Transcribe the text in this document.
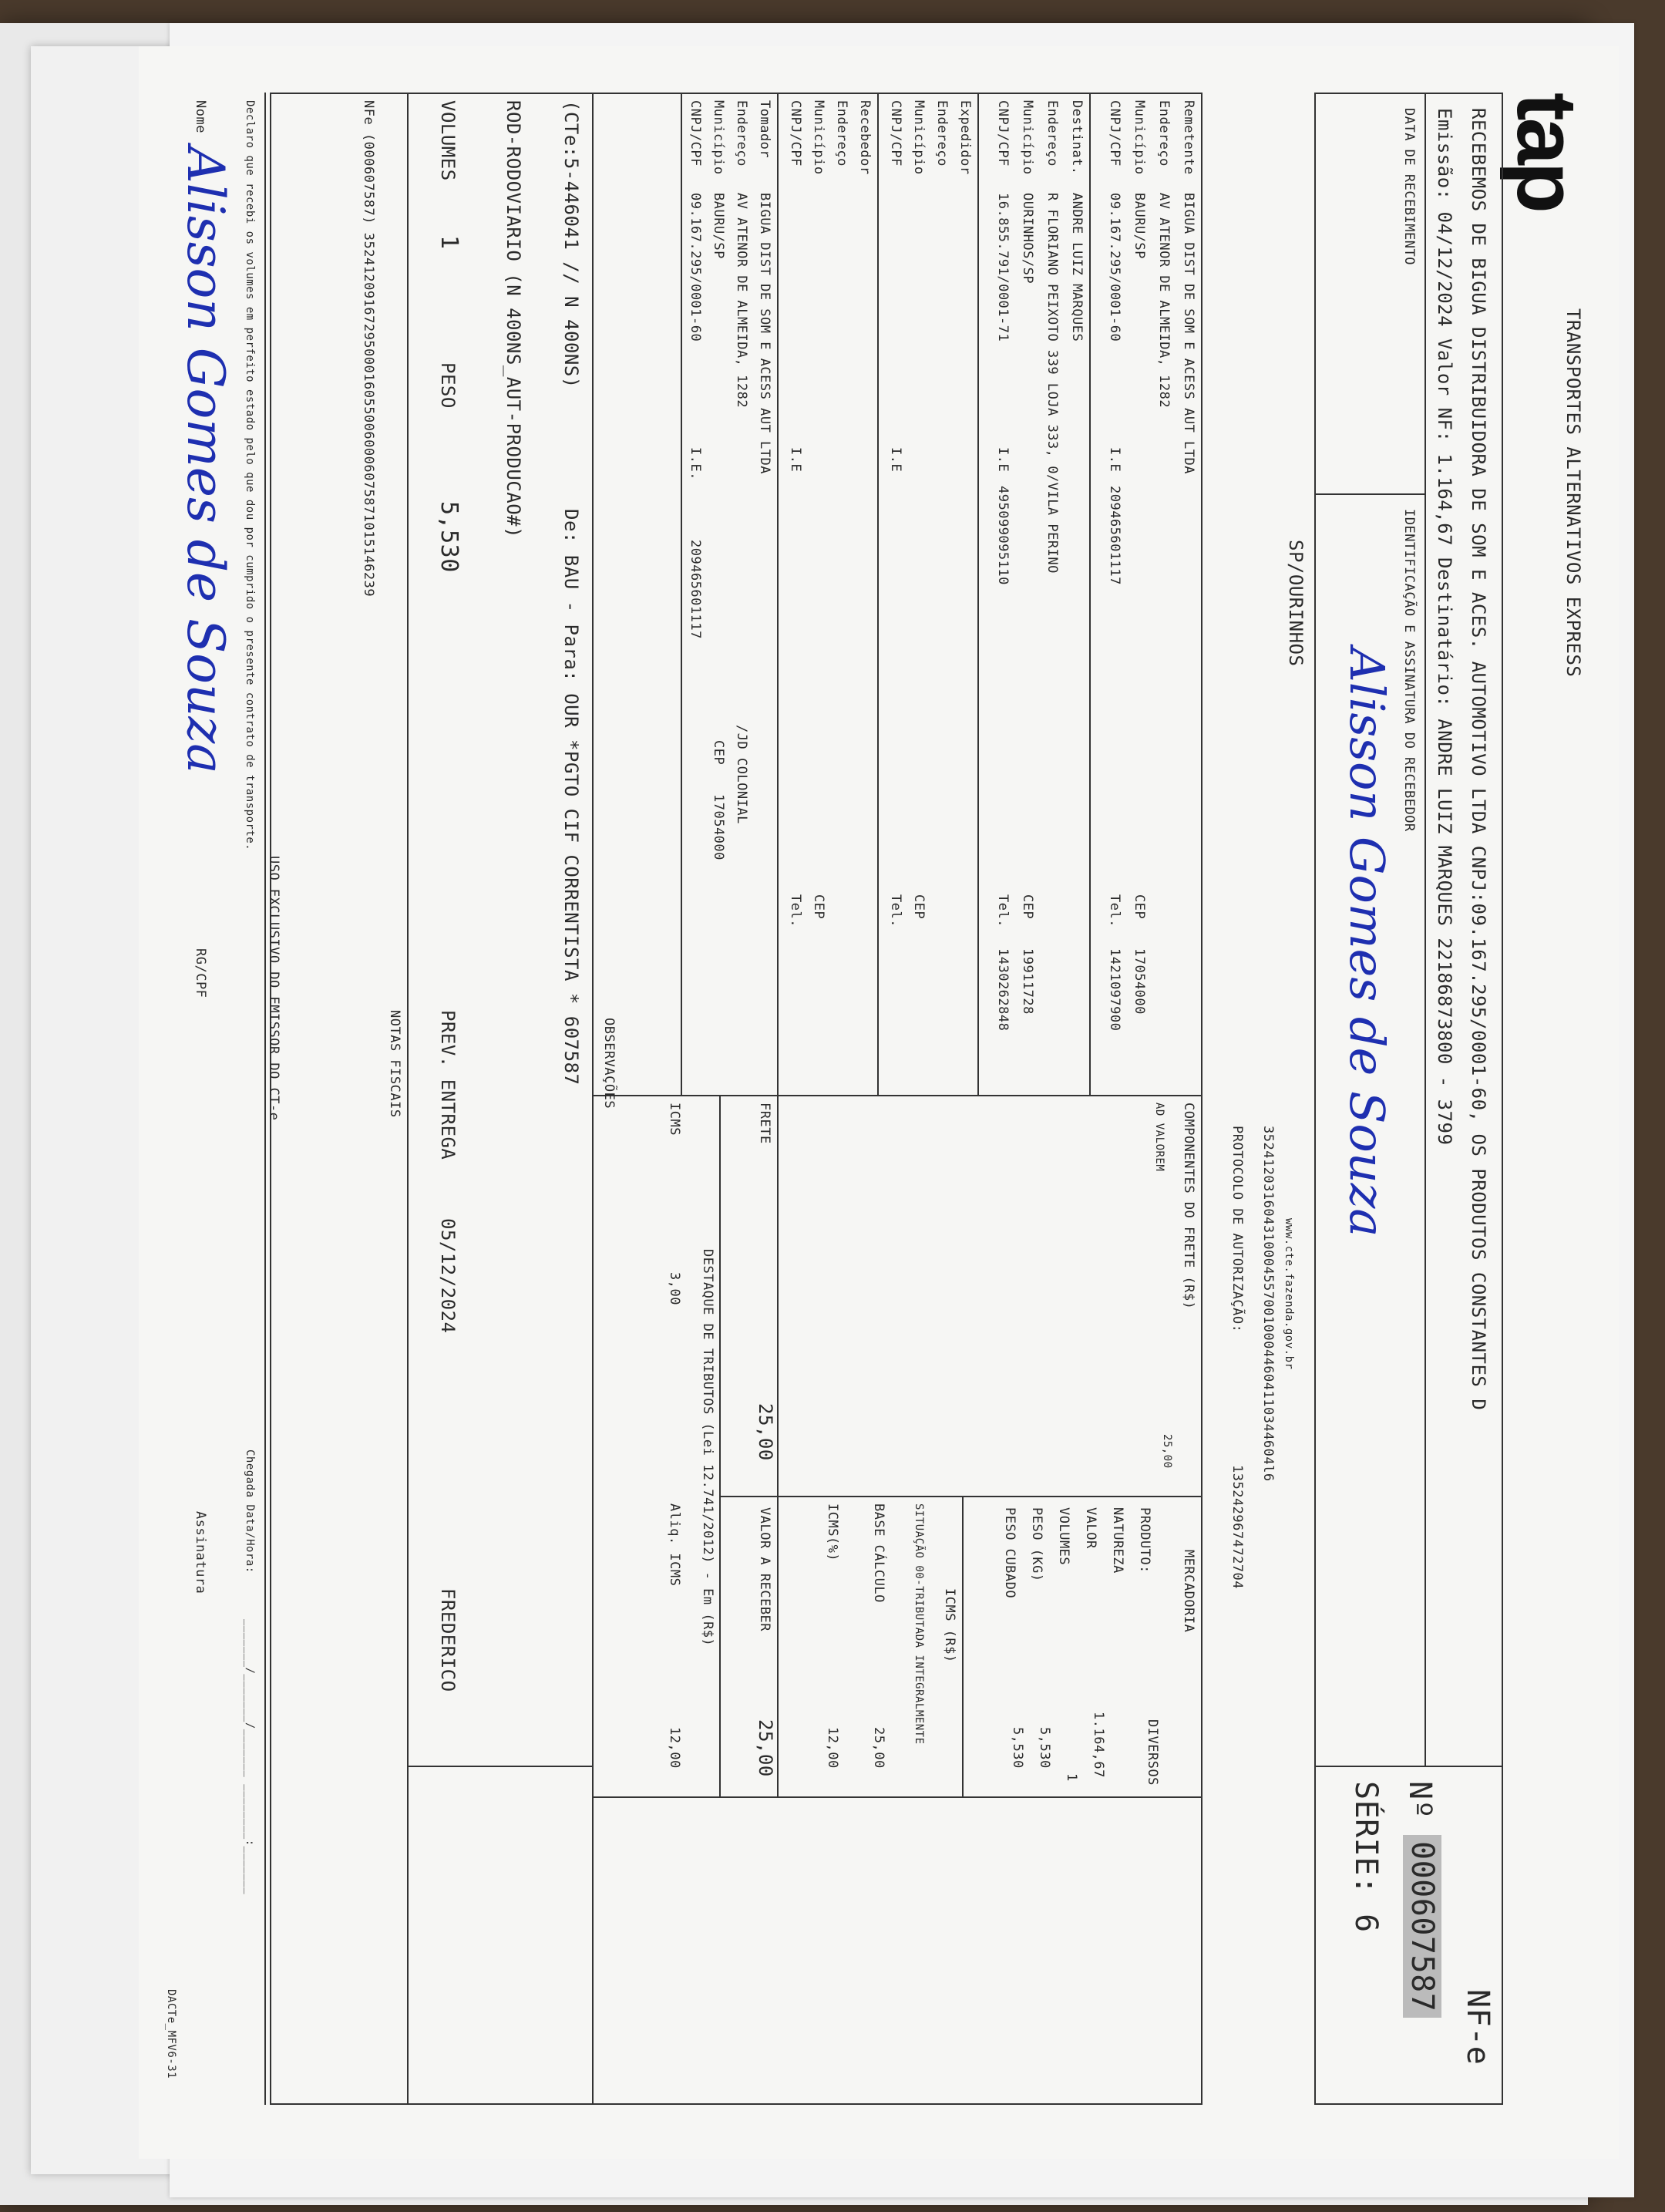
tap
TRANSPORTES ALTERNATIVOS EXPRESS
RECEBEMOS DE BIGUA DISTRIBUIDORA DE SOM E ACES. AUTOMOTIVO LTDA CNPJ:09.167.295/0001-60, OS PRODUTOS CONSTANTES D
Emissão: 04/12/2024 Valor NF: 1.164,67 Destinatário: ANDRE LUIZ MARQUES 22186873800 - 3799
DATA DE RECEBIMENTO
IDENTIFICAÇÃO E ASSINATURA DO RECEBEDOR
Alisson Gomes de Souza
NF-e
Nº
000607587
SÉRIE: 6
SP/OURINHOS
www.cte.fazenda.gov.br
35241203160431000455700100044604110344604l6
PROTOCOLO DE AUTORIZAÇÃO:
135242967472704
Remetente
BIGUA DIST DE SOM E ACESS AUT LTDA
Endereço
AV ATENOR DE ALMEIDA, 1282
Município
BAURU/SP
CNPJ/CPF
09.167.295/0001-60
I.E
209465601117
CEP
17054000
Tel.
1421097900
Destinat.
ANDRE LUIZ MARQUES
Endereço
R FLORIANO PEIXOTO 339 LOJA 333, 0/VILA PERINO
Município
OURINHOS/SP
CNPJ/CPF
16.855.791/0001-71
I.E
495099095110
CEP
19911728
Tel.
1430262848
Expedidor
Endereço
Município
CNPJ/CPF
I.E
CEP
Tel.
Recebedor
Endereço
Município
CNPJ/CPF
I.E
CEP
Tel.
Tomador
BIGUA DIST DE SOM E ACESS AUT LTDA
Endereço
AV ATENOR DE ALMEIDA, 1282
/JD COLONIAL
Município
BAURU/SP
CNPJ/CPF
09.167.295/0001-60
I.E.
209465601117
CEP
17054000
COMPONENTES DO FRETE (R$)
AD VALOREM
25,00
MERCADORIA
PRODUTO:
DIVERSOS
NATUREZA
VALOR
1.164,67
VOLUMES
1
PESO (KG)
5,530
PESO CUBADO
5,530
ICMS (R$)
SITUAÇÃO 00-TRIBUTADA INTEGRALMENTE
BASE CÁLCULO
25,00
ICMS(%)
12,00
FRETE
25,00
VALOR A RECEBER
25,00
DESTAQUE DE TRIBUTOS (Lei 12.741/2012) - Em (R$)
ICMS
3,00
Aliq. ICMS
12,00
OBSERVAÇÕES
(CTe:5-446041 // N 400NS)
De: BAU - Para: OUR *PGTO CIF CORRENTISTA * 607587
ROD-RODOVIARIO (N 400NS_AUT-PRODUCAO#)
VOLUMES
1
PESO
5,530
PREV. ENTREGA
05/12/2024
FREDERICO
NOTAS FISCAIS
NFe (000607587) 35241209167295000160550060006075871015146239
USO EXCLUSIVO DO EMISSOR DO CT-e
Declaro que recebi os volumes em perfeito estado pelo que dou por cumprido o presente contrato de transporte.
Chegada Data/Hora:
_______/_______/_______ ________:_______
Nome
RG/CPF
Assinatura
DACTe_MFV6-31
Alisson Gomes de Souza
